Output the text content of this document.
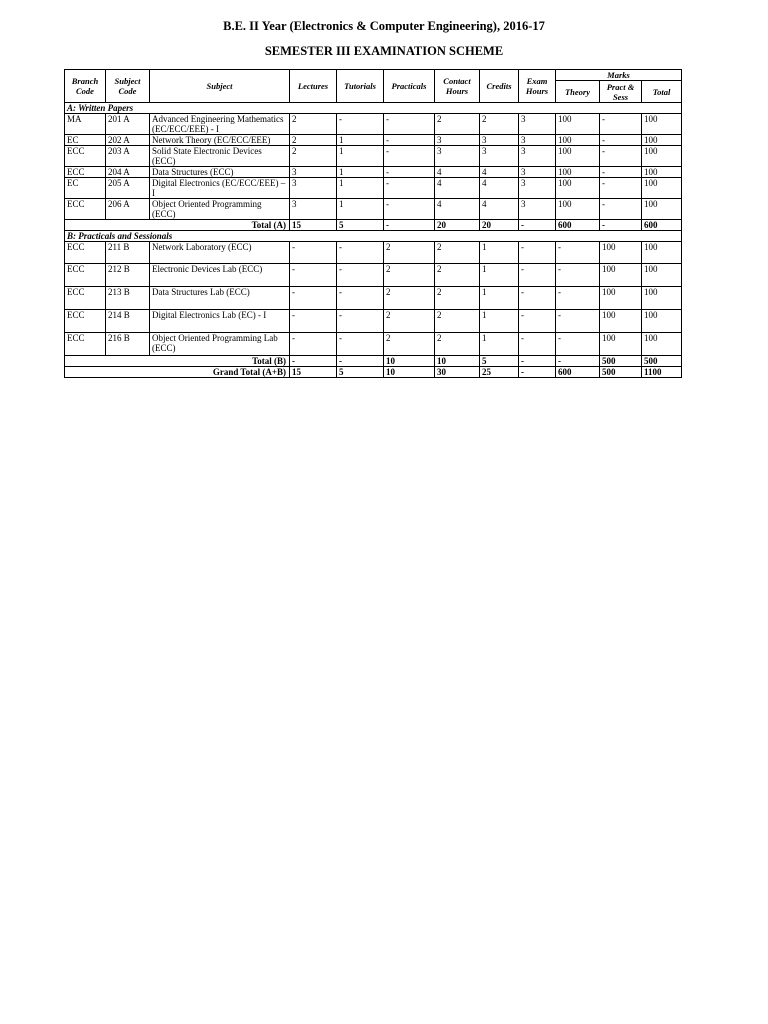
B.E. II Year (Electronics & Computer Engineering), 2016-17
SEMESTER III EXAMINATION SCHEME
Branch Code	Subject Code	Subject	Lectures	Tutorials	Practicals	Contact Hours	Credits	Exam Hours	Marks		
									Theory	Pract & Sess	Total
A: Written Papers											
MA	201 A	Advanced Engineering Mathematics (EC/ECC/EEE) - I	2	-	-	2	2	3	100	-	100
EC	202 A	Network Theory (EC/ECC/EEE)	2	1	-	3	3	3	100	-	100
ECC	203 A	Solid State Electronic Devices (ECC)	2	1	-	3	3	3	100	-	100
ECC	204 A	Data Structures (ECC)	3	1	-	4	4	3	100	-	100
EC	205 A	Digital Electronics (EC/ECC/EEE) – I	3	1	-	4	4	3	100	-	100
ECC	206 A	Object Oriented Programming (ECC)	3	1	-	4	4	3	100	-	100
Total (A)			15	5	-	20	20	-	600	-	600
B: Practicals and Sessionals											
ECC	211 B	Network Laboratory (ECC)	-	-	2	2	1	-	-	100	100
ECC	212 B	Electronic Devices Lab (ECC)	-	-	2	2	1	-	-	100	100
ECC	213 B	Data Structures Lab (ECC)	-	-	2	2	1	-	-	100	100
ECC	214 B	Digital Electronics Lab (EC) - I	-	-	2	2	1	-	-	100	100
ECC	216 B	Object Oriented Programming Lab (ECC)	-	-	2	2	1	-	-	100	100
Total (B)			-	-	10	10	5	-	-	500	500
Grand Total (A+B)			15	5	10	30	25	-	600	500	1100
